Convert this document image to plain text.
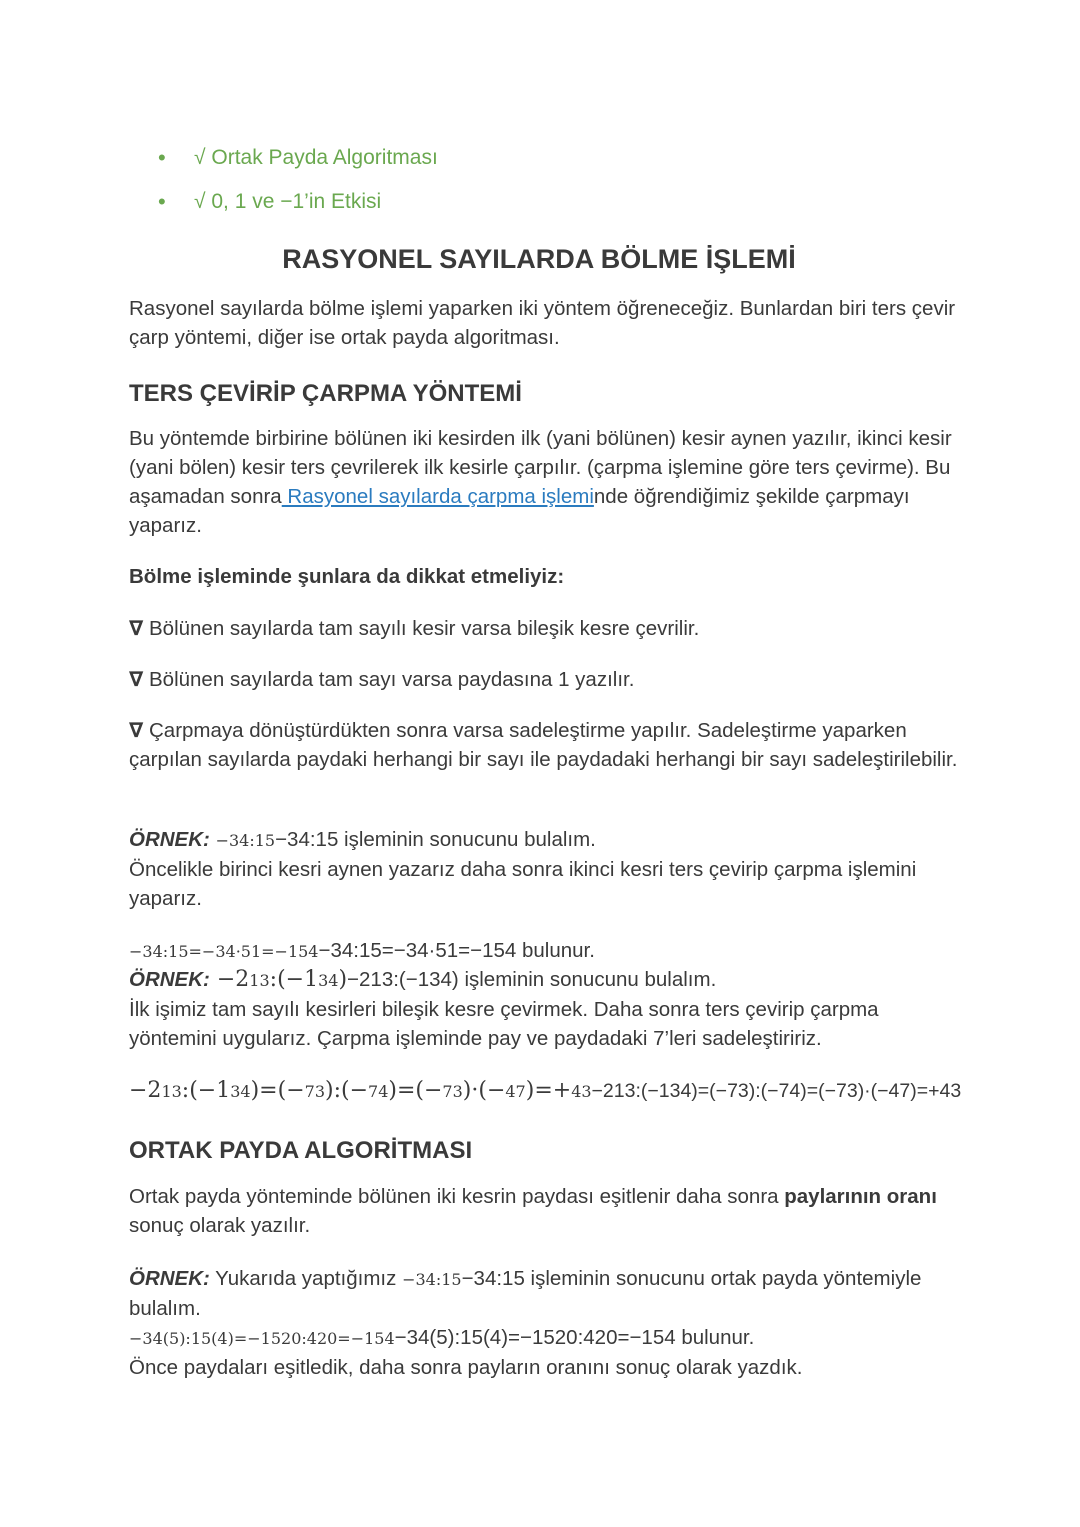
• √ Ortak Payda Algoritması
• √ 0, 1 ve −1’in Etkisi
RASYONEL SAYILARDA BÖLME İŞLEMİ
Rasyonel sayılarda bölme işlemi yaparken iki yöntem öğreneceğiz. Bunlardan biri ters çevir çarp yöntemi, diğer ise ortak payda algoritması.
TERS ÇEVİRİP ÇARPMA YÖNTEMİ
Bu yöntemde birbirine bölünen iki kesirden ilk (yani bölünen) kesir aynen yazılır, ikinci kesir (yani bölen) kesir ters çevrilerek ilk kesirle çarpılır. (çarpma işlemine göre ters çevirme). Bu aşamadan sonra Rasyonel sayılarda çarpma işleminde öğrendiğimiz şekilde çarpmayı yaparız.
Bölme işleminde şunlara da dikkat etmeliyiz:
∇ Bölünen sayılarda tam sayılı kesir varsa bileşik kesre çevrilir.
∇ Bölünen sayılarda tam sayı varsa paydasına 1 yazılır.
∇ Çarpmaya dönüştürdükten sonra varsa sadeleştirme yapılır. Sadeleştirme yaparken çarpılan sayılarda paydaki herhangi bir sayı ile paydadaki herhangi bir sayı sadeleştirilebilir.
ÖRNEK: −34:15−34:15 işleminin sonucunu bulalım.
Öncelikle birinci kesri aynen yazarız daha sonra ikinci kesri ters çevirip çarpma işlemini yaparız.
−34:15=−34·51=−154−34:15=−34·51=−154 bulunur.
ÖRNEK: −213:(−134)−213:(−134) işleminin sonucunu bulalım.
İlk işimiz tam sayılı kesirleri bileşik kesre çevirmek. Daha sonra ters çevirip çarpma yöntemini uygularız. Çarpma işleminde pay ve paydadaki 7’leri sadeleştiririz.
−213:(−134)=(−73):(−74)=(−73)·(−47)=+43−213:(−134)=(−73):(−74)=(−73)·(−47)=+43
ORTAK PAYDA ALGORİTMASI
Ortak payda yönteminde bölünen iki kesrin paydası eşitlenir daha sonra paylarının oranı sonuç olarak yazılır.
ÖRNEK: Yukarıda yaptığımız −34:15−34:15 işleminin sonucunu ortak payda yöntemiyle bulalım.
−34(5):15(4)=−1520:420=−154−34(5):15(4)=−1520:420=−154 bulunur.
Önce paydaları eşitledik, daha sonra payların oranını sonuç olarak yazdık.
